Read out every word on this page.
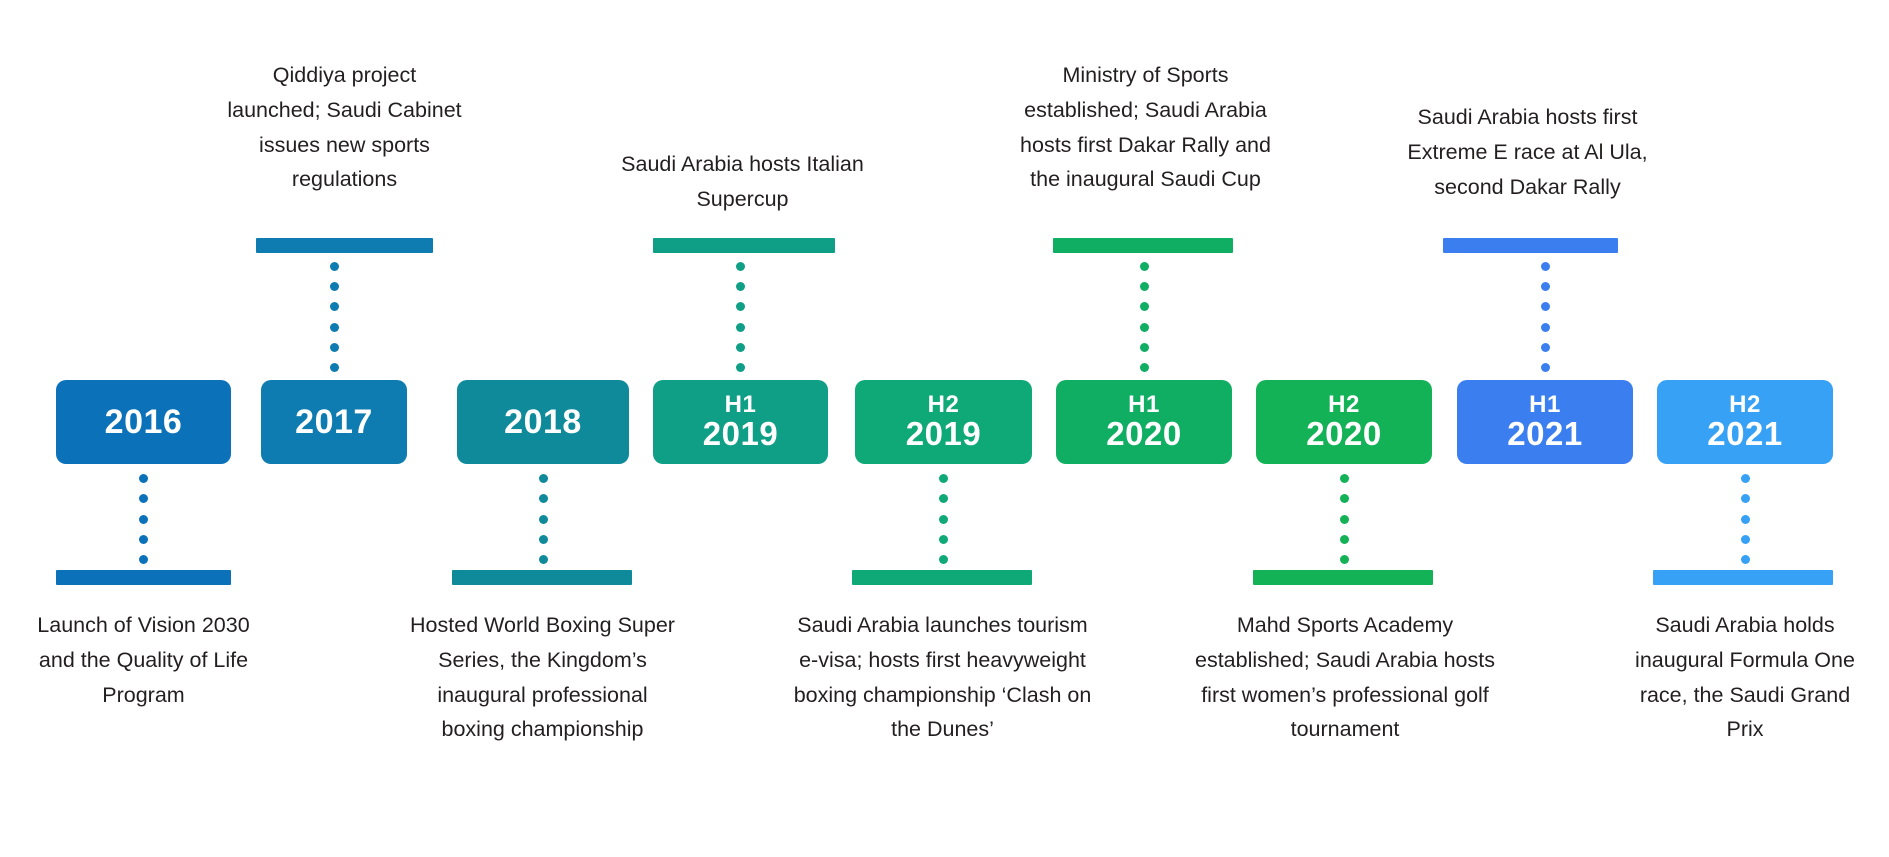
2016
Launch of Vision 2030 and the Quality of Life Program
2017
Qiddiya project launched; Saudi Cabinet issues new sports regulations
2018
Hosted World Boxing Super Series, the Kingdom’s inaugural professional boxing championship
H1
2019
Saudi Arabia hosts Italian Supercup
H2
2019
Saudi Arabia launches tourism e-visa; hosts first heavyweight boxing championship ‘Clash on the Dunes’
H1
2020
Ministry of Sports established; Saudi Arabia hosts first Dakar Rally and the inaugural Saudi Cup
H2
2020
Mahd Sports Academy established; Saudi Arabia hosts first women’s professional golf tournament
H1
2021
Saudi Arabia hosts first Extreme E race at Al Ula, second Dakar Rally
H2
2021
Saudi Arabia holds inaugural Formula One race, the Saudi Grand Prix
